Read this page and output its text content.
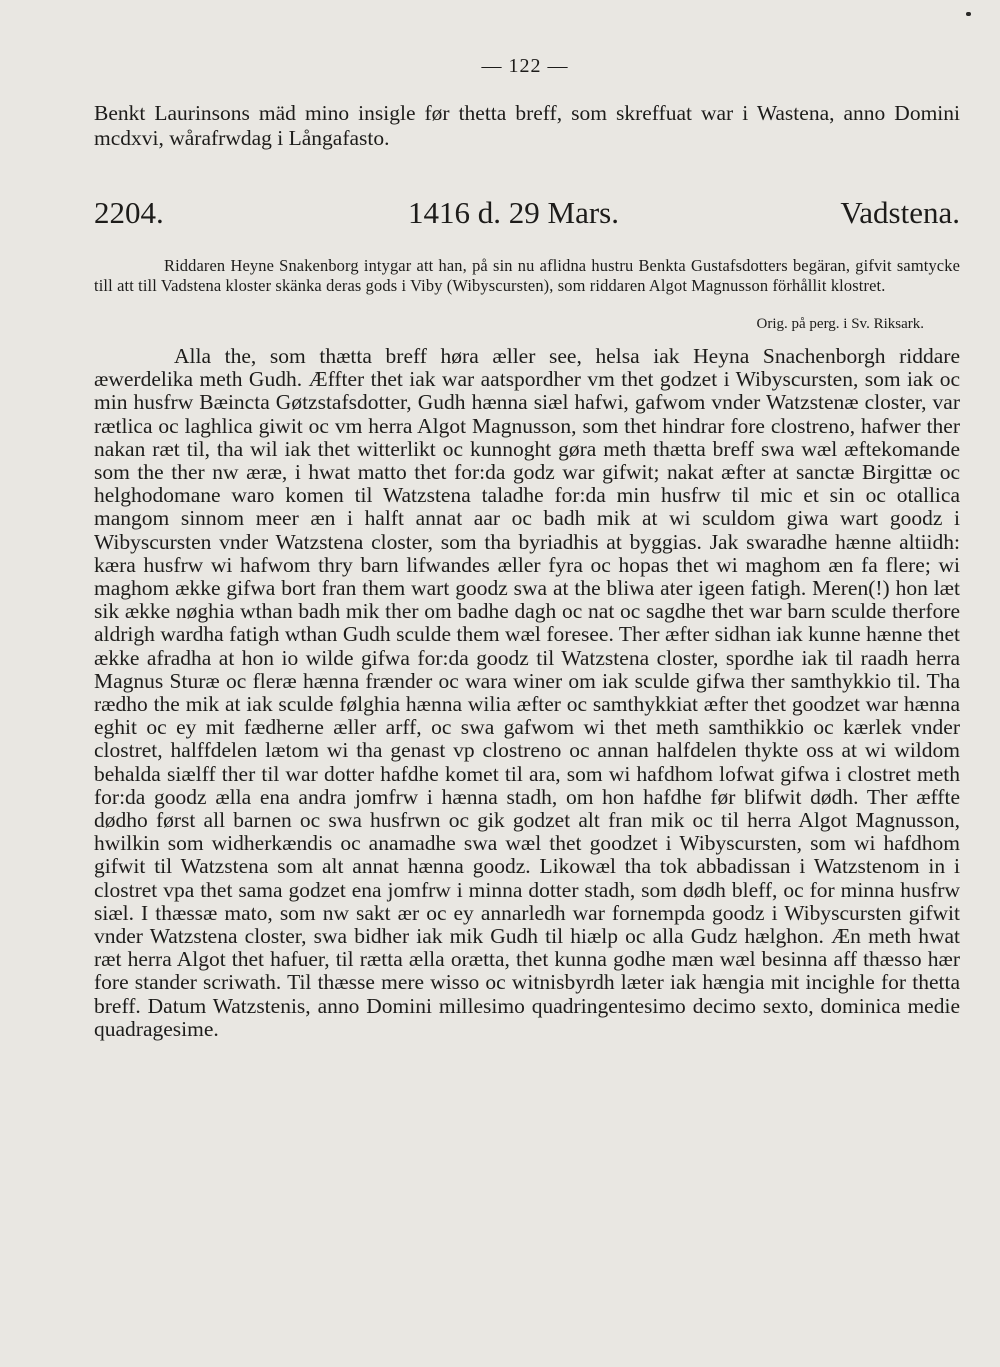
— 122 —

Benkt Laurinsons mäd mino insigle før thetta breff, som skreffuat war i Wastena, anno Domini mcdxvi, wårafrwdag i Långafasto.

2204.	1416 d. 29 Mars.	Vadstena.

Riddaren Heyne Snakenborg intygar att han, på sin nu aflidna hustru Benkta Gustafsdotters begäran, gifvit samtycke till att till Vadstena kloster skänka deras gods i Viby (Wibyscursten), som riddaren Algot Magnusson förhållit klostret.

Orig. på perg. i Sv. Riksark.

Alla the, som thætta breff høra æller see, helsa iak Heyna Snachenborgh riddare æwerdelika meth Gudh. Æffter thet iak war aatspordher vm thet godzet i Wibyscursten, som iak oc min husfrw Bæincta Gøtzstafsdotter, Gudh hænna siæl hafwi, gafwom vnder Watzstenæ closter, var rætlica oc laghlica giwit oc vm herra Algot Magnusson, som thet hindrar fore clostreno, hafwer ther nakan ræt til, tha wil iak thet witterlikt oc kunnoght gøra meth thætta breff swa wæl æftekomande som the ther nw æræ, i hwat matto thet for:da godz war gifwit; nakat æfter at sanctæ Birgittæ oc helghodomane waro komen til Watzstena taladhe for:da min husfrw til mic et sin oc otallica mangom sinnom meer æn i halft annat aar oc badh mik at wi sculdom giwa wart goodz i Wibyscursten vnder Watzstena closter, som tha byriadhis at byggias. Jak swaradhe hænne altiidh: kæra husfrw wi hafwom thry barn lifwandes æller fyra oc hopas thet wi maghom æn fa flere; wi maghom ække gifwa bort fran them wart goodz swa at the bliwa ater igeen fatigh. Meren(!) hon læt sik ække nøghia wthan badh mik ther om badhe dagh oc nat oc sagdhe thet war barn sculde therfore aldrigh wardha fatigh wthan Gudh sculde them wæl foresee. Ther æfter sidhan iak kunne hænne thet ække afradha at hon io wilde gifwa for:da goodz til Watzstena closter, spordhe iak til raadh herra Magnus Sturæ oc fleræ hænna frænder oc wara winer om iak sculde gifwa ther samthykkio til. Tha rædho the mik at iak sculde følghia hænna wilia æfter oc samthykkiat æfter thet goodzet war hænna eghit oc ey mit fædherne æller arff, oc swa gafwom wi thet meth samthikkio oc kærlek vnder clostret, halffdelen lætom wi tha genast vp clostreno oc annan halfdelen thykte oss at wi wildom behalda siælff ther til war dotter hafdhe komet til ara, som wi hafdhom lofwat gifwa i clostret meth for:da goodz ælla ena andra jomfrw i hænna stadh, om hon hafdhe før blifwit dødh. Ther æffte dødho først all barnen oc swa husfrwn oc gik godzet alt fran mik oc til herra Algot Magnusson, hwilkin som widherkændis oc anamadhe swa wæl thet goodzet i Wibyscursten, som wi hafdhom gifwit til Watzstena som alt annat hænna goodz. Likowæl tha tok abbadissan i Watzstenom in i clostret vpa thet sama godzet ena jomfrw i minna dotter stadh, som dødh bleff, oc for minna husfrw siæl. I thæssæ mato, som nw sakt ær oc ey annarledh war fornempda goodz i Wibyscursten gifwit vnder Watzstena closter, swa bidher iak mik Gudh til hiælp oc alla Gudz hælghon. Æn meth hwat ræt herra Algot thet hafuer, til rætta ælla orætta, thet kunna godhe mæn wæl besinna aff thæsso hær fore stander scriwath. Til thæsse mere wisso oc witnisbyrdh læter iak hængia mit incighle for thetta breff. Datum Watzstenis, anno Domini millesimo quadringentesimo decimo sexto, dominica medie quadragesime.
